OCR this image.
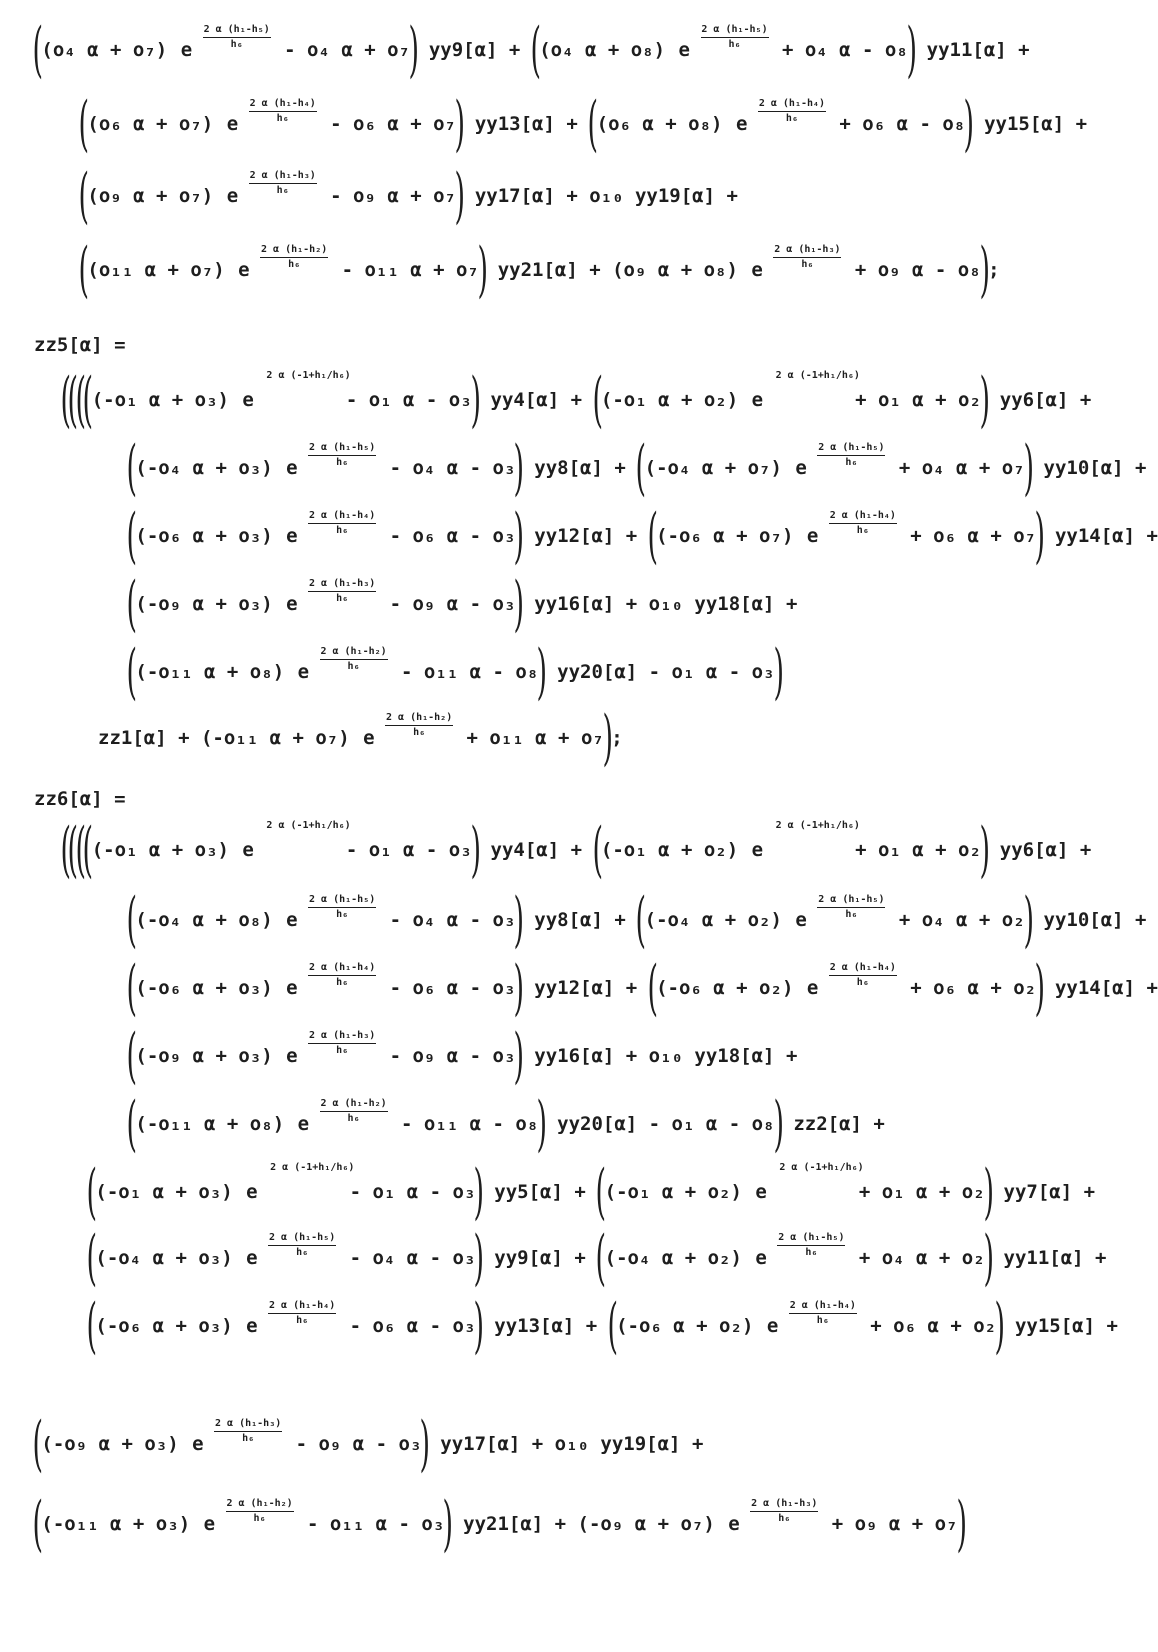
zz5[α] =
zz6[α] =
((o₄ α + o₇) e $\frac{\text{2 α (h₁-h₅)}}{\text{h₆}} - o_4$ α + o₇) yy9[α] + ((o₄ α + o₈) e $\frac{\text{2 α (h₁-h₅)}}{\text{h₆}} + o_4$ α - o₈) yy11[α] +
((o₆ α + o₇) e $\frac{\text{2 α (h₁-h₄)}}{\text{h₆}} - o_6$ α + o₇) yy13[α] + ((o₆ α + o₈) e $\frac{\text{2 α (h₁-h₄)}}{\text{h₆}} + o_6$ α - o₈) yy15[α] +
((o₉ α + o₇) e $\frac{\text{2 α (h₁-h₃)}}{\text{h₆}} - o_9$ α + o₇) yy17[α] + o₁₀ yy19[α] +
((o₁₁ α + o₇) e $\frac{\text{2 α (h₁-h₂)}}{\text{h₆}} - o_{11}$ α + o₇) yy21[α] + (o₉ α + o₈) e $\frac{\text{2 α (h₁-h₃)}}{\text{h₆}} + o_9$ α - o₈);
(((((-o₁ α + o₃) e
2 α (-1+h₁/h₆)
- o₁ α - o₃) yy4[α] + ((-o₁ α + o₂) e
2 α (-1+h₁/h₆)
+ o₁ α + o₂) yy6[α] +
((-o₄ α + o₃) e $\frac{\text{2 α (h₁-h₅)}}{\text{h₆}} - o_4$ α - o₃) yy8[α] + ((-o₄ α + o₇) e $\frac{\text{2 α (h₁-h₅)}}{\text{h₆}} + o_4$ α + o₇) yy10[α] +
((-o₆ α + o₃) e $\frac{\text{2 α (h₁-h₄)}}{\text{h₆}} - o_6$ α - o₃) yy12[α] + ((-o₆ α + o₇) e $\frac{\text{2 α (h₁-h₄)}}{\text{h₆}} + o_6$ α + o₇) yy14[α] +
((-o₉ α + o₃) e $\frac{\text{2 α (h₁-h₃)}}{\text{h₆}} - o_9$ α - o₃) yy16[α] + o₁₀ yy18[α] +
((-o₁₁ α + o₈) e $\frac{\text{2 α (h₁-h₂)}}{\text{h₆}} - o_{11}$ α - o₈) yy20[α] - o₁ α - o₃)
zz1[α] + (-o₁₁ α + o₇) e $\frac{\text{2 α (h₁-h₂)}}{\text{h₆}} + o_{11}$ α + o₇);
(((((-o₁ α + o₃) e
2 α (-1+h₁/h₆)
- o₁ α - o₃) yy4[α] + ((-o₁ α + o₂) e
2 α (-1+h₁/h₆)
+ o₁ α + o₂) yy6[α] +
((-o₄ α + o₈) e $\frac{\text{2 α (h₁-h₅)}}{\text{h₆}} - o_4$ α - o₃) yy8[α] + ((-o₄ α + o₂) e $\frac{\text{2 α (h₁-h₅)}}{\text{h₆}} + o_4$ α + o₂) yy10[α] +
((-o₆ α + o₃) e $\frac{\text{2 α (h₁-h₄)}}{\text{h₆}} - o_6$ α - o₃) yy12[α] + ((-o₆ α + o₂) e $\frac{\text{2 α (h₁-h₄)}}{\text{h₆}} + o_6$ α + o₂) yy14[α] +
((-o₉ α + o₃) e $\frac{\text{2 α (h₁-h₃)}}{\text{h₆}} - o_9$ α - o₃) yy16[α] + o₁₀ yy18[α] +
((-o₁₁ α + o₈) e $\frac{\text{2 α (h₁-h₂)}}{\text{h₆}} - o_{11}$ α - o₈) yy20[α] - o₁ α - o₈) zz2[α] +
((-o₁ α + o₃) e
2 α (-1+h₁/h₆)
- o₁ α - o₃) yy5[α] + ((-o₁ α + o₂) e
2 α (-1+h₁/h₆)
+ o₁ α + o₂) yy7[α] +
((-o₄ α + o₃) e $\frac{\text{2 α (h₁-h₅)}}{\text{h₆}} - o_4$ α - o₃) yy9[α] + ((-o₄ α + o₂) e $\frac{\text{2 α (h₁-h₅)}}{\text{h₆}} + o_4$ α + o₂) yy11[α] +
((-o₆ α + o₃) e $\frac{\text{2 α (h₁-h₄)}}{\text{h₆}} - o_6$ α - o₃) yy13[α] + ((-o₆ α + o₂) e $\frac{\text{2 α (h₁-h₄)}}{\text{h₆}} + o_6$ α + o₂) yy15[α] +
((-o₉ α + o₃) e $\frac{\text{2 α (h₁-h₃)}}{\text{h₆}} - o_9$ α - o₃) yy17[α] + o₁₀ yy19[α] +
((-o₁₁ α + o₃) e $\frac{\text{2 α (h₁-h₂)}}{\text{h₆}} - o_{11}$ α - o₃) yy21[α] + (-o₉ α + o₇) e $\frac{\text{2 α (h₁-h₃)}}{\text{h₆}} + o_9$ α + o₇)
